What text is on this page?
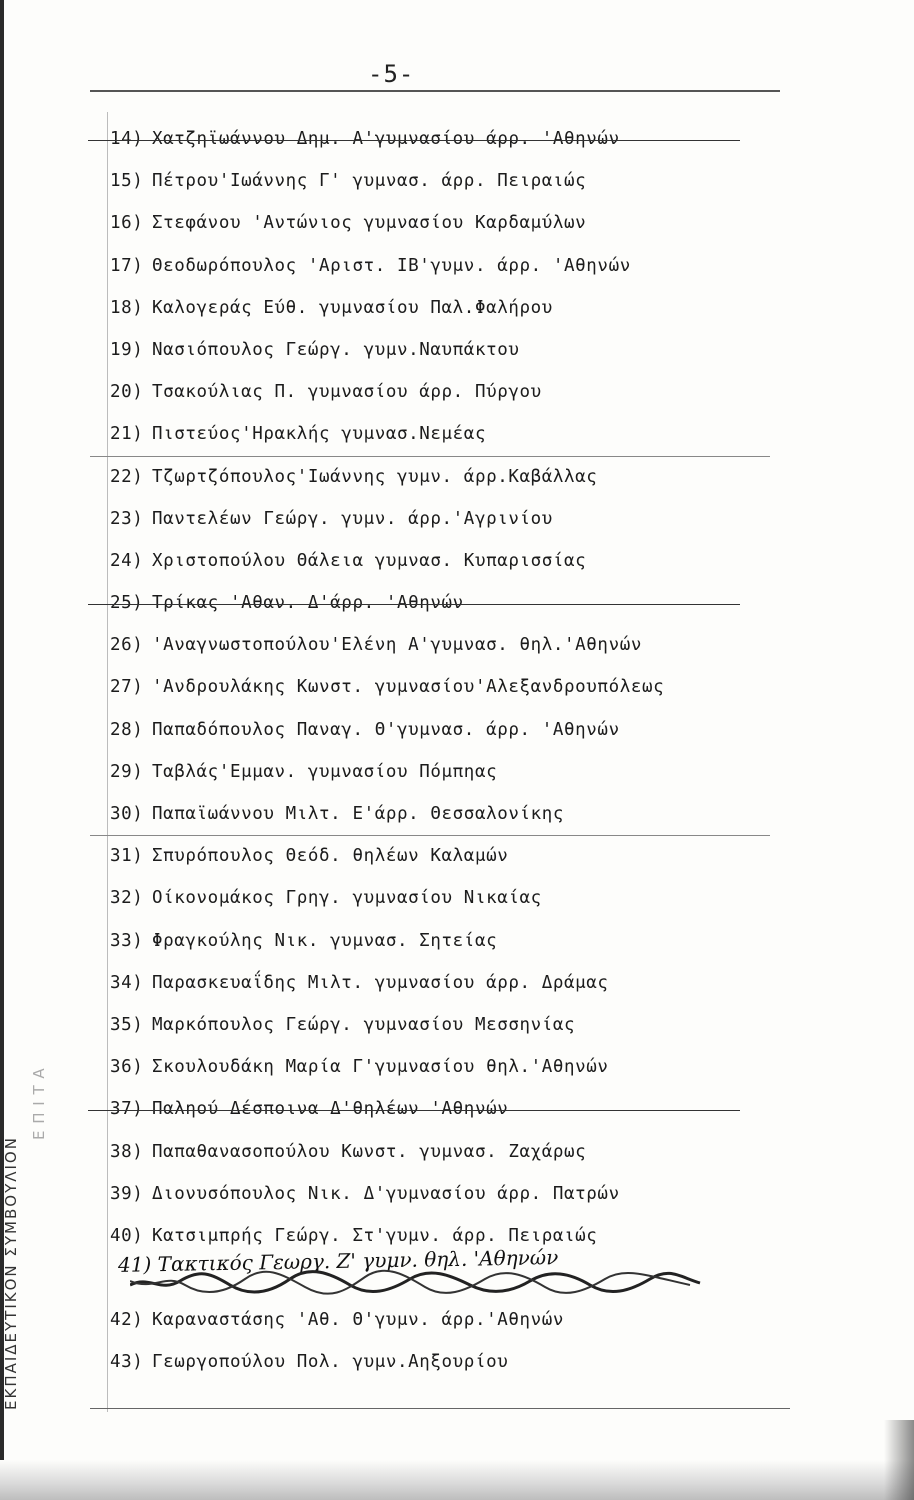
ΕΚΠΑΙΔΕΥΤΙΚΟΝ ΣΥΜΒΟΥΛΙΟΝ
Ε Π Ι Τ Α
-5-
14) Χατζηϊωάννου Δημ. Α'γυμνασίου άρρ. 'Αθηνών
15) Πέτρου'Ιωάννης Γ' γυμνασ. άρρ. Πειραιώς
16) Στεφάνου 'Αντώνιος γυμνασίου Καρδαμύλων
17) Θεοδωρόπουλος 'Αριστ. ΙΒ'γυμν. άρρ. 'Αθηνών
18) Καλογεράς Εύθ. γυμνασίου Παλ.Φαλήρου
19) Νασιόπουλος Γεώργ. γυμν.Ναυπάκτου
20) Τσακούλιας Π. γυμνασίου άρρ. Πύργου
21) Πιστεύος'Ηρακλής γυμνασ.Νεμέας
22) Τζωρτζόπουλος'Ιωάννης γυμν. άρρ.Καβάλλας
23) Παντελέων Γεώργ. γυμν. άρρ.'Αγρινίου
24) Χριστοπούλου Θάλεια γυμνασ. Κυπαρισσίας
25) Τρίκας 'Αθαν. Δ'άρρ. 'Αθηνών
26) 'Αναγνωστοπούλου'Ελένη Α'γυμνασ. θηλ.'Αθηνών
27) 'Ανδρουλάκης Κωνστ. γυμνασίου'Αλεξανδρουπόλεως
28) Παπαδόπουλος Παναγ. Θ'γυμνασ. άρρ. 'Αθηνών
29) Ταβλάς'Εμμαν. γυμνασίου Πόμπηας
30) Παπαϊωάννου Μιλτ. Ε'άρρ. Θεσσαλονίκης
31) Σπυρόπουλος Θεόδ. θηλέων Καλαμών
32) Οίκονομάκος Γρηγ. γυμνασίου Νικαίας
33) Φραγκούλης Νικ. γυμνασ. Σητείας
34) Παρασκευαΐδης Μιλτ. γυμνασίου άρρ. Δράμας
35) Μαρκόπουλος Γεώργ. γυμνασίου Μεσσηνίας
36) Σκουλουδάκη Μαρία Γ'γυμνασίου θηλ.'Αθηνών
37) Παληού Δέσποινα Δ'θηλέων 'Αθηνών
38) Παπαθανασοπούλου Κωνστ. γυμνασ. Ζαχάρως
39) Διονυσόπουλος Νικ. Δ'γυμνασίου άρρ. Πατρών
40) Κατσιμπρής Γεώργ. Στ'γυμν. άρρ. Πειραιώς
41) Τακτικός Γεωργ. Ζ' γυμν. θηλ. 'Αθηνών
42) Καραναστάσης 'Αθ. Θ'γυμν. άρρ.'Αθηνών
43) Γεωργοπούλου Πολ. γυμν.Αηξουρίου
